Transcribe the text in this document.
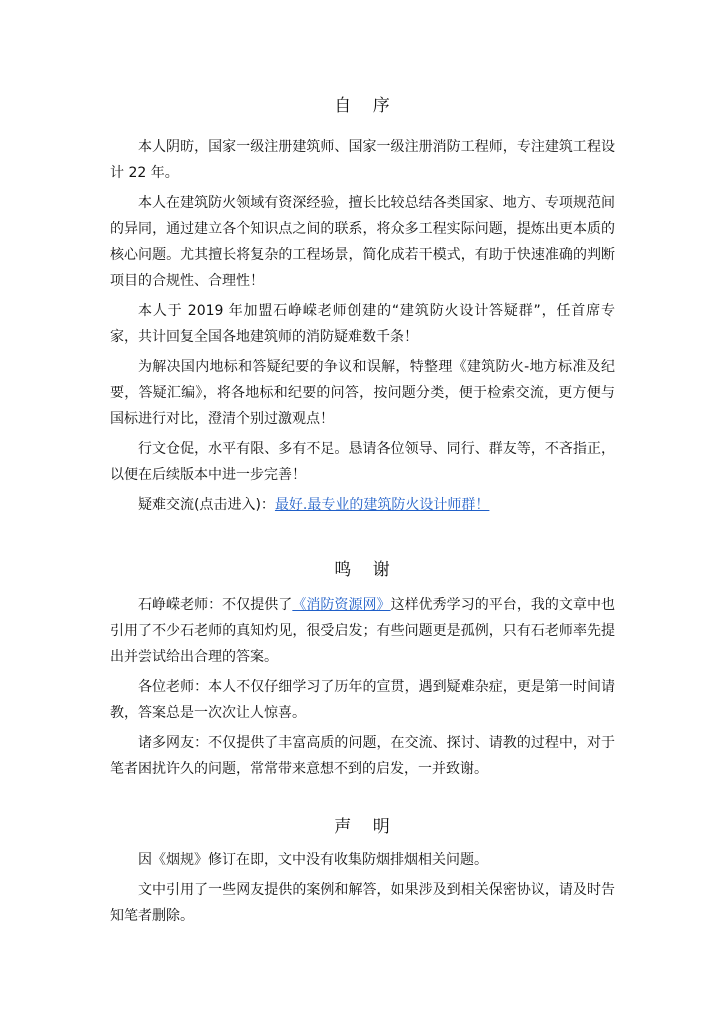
自 序

本人阴昉，国家一级注册建筑师、国家一级注册消防工程师，专注建筑工程设计 22 年。

本人在建筑防火领域有资深经验，擅长比较总结各类国家、地方、专项规范间的异同，通过建立各个知识点之间的联系，将众多工程实际问题，提炼出更本质的核心问题。尤其擅长将复杂的工程场景，简化成若干模式，有助于快速准确的判断项目的合规性、合理性！

本人于 2019 年加盟石峥嵘老师创建的“建筑防火设计答疑群”，任首席专家，共计回复全国各地建筑师的消防疑难数千条！

为解决国内地标和答疑纪要的争议和误解，特整理《建筑防火-地方标准及纪要，答疑汇编》，将各地标和纪要的问答，按问题分类，便于检索交流，更方便与国标进行对比，澄清个别过激观点！

行文仓促，水平有限、多有不足。恳请各位领导、同行、群友等，不吝指正，以便在后续版本中进一步完善！

疑难交流(点击进入)：最好.最专业的建筑防火设计师群！

鸣 谢

石峥嵘老师：不仅提供了《消防资源网》这样优秀学习的平台，我的文章中也引用了不少石老师的真知灼见，很受启发；有些问题更是孤例，只有石老师率先提出并尝试给出合理的答案。

各位老师：本人不仅仔细学习了历年的宣贯，遇到疑难杂症，更是第一时间请教，答案总是一次次让人惊喜。

诸多网友：不仅提供了丰富高质的问题，在交流、探讨、请教的过程中，对于笔者困扰许久的问题，常常带来意想不到的启发，一并致谢。

声 明

因《烟规》修订在即，文中没有收集防烟排烟相关问题。

文中引用了一些网友提供的案例和解答，如果涉及到相关保密协议，请及时告知笔者删除。
